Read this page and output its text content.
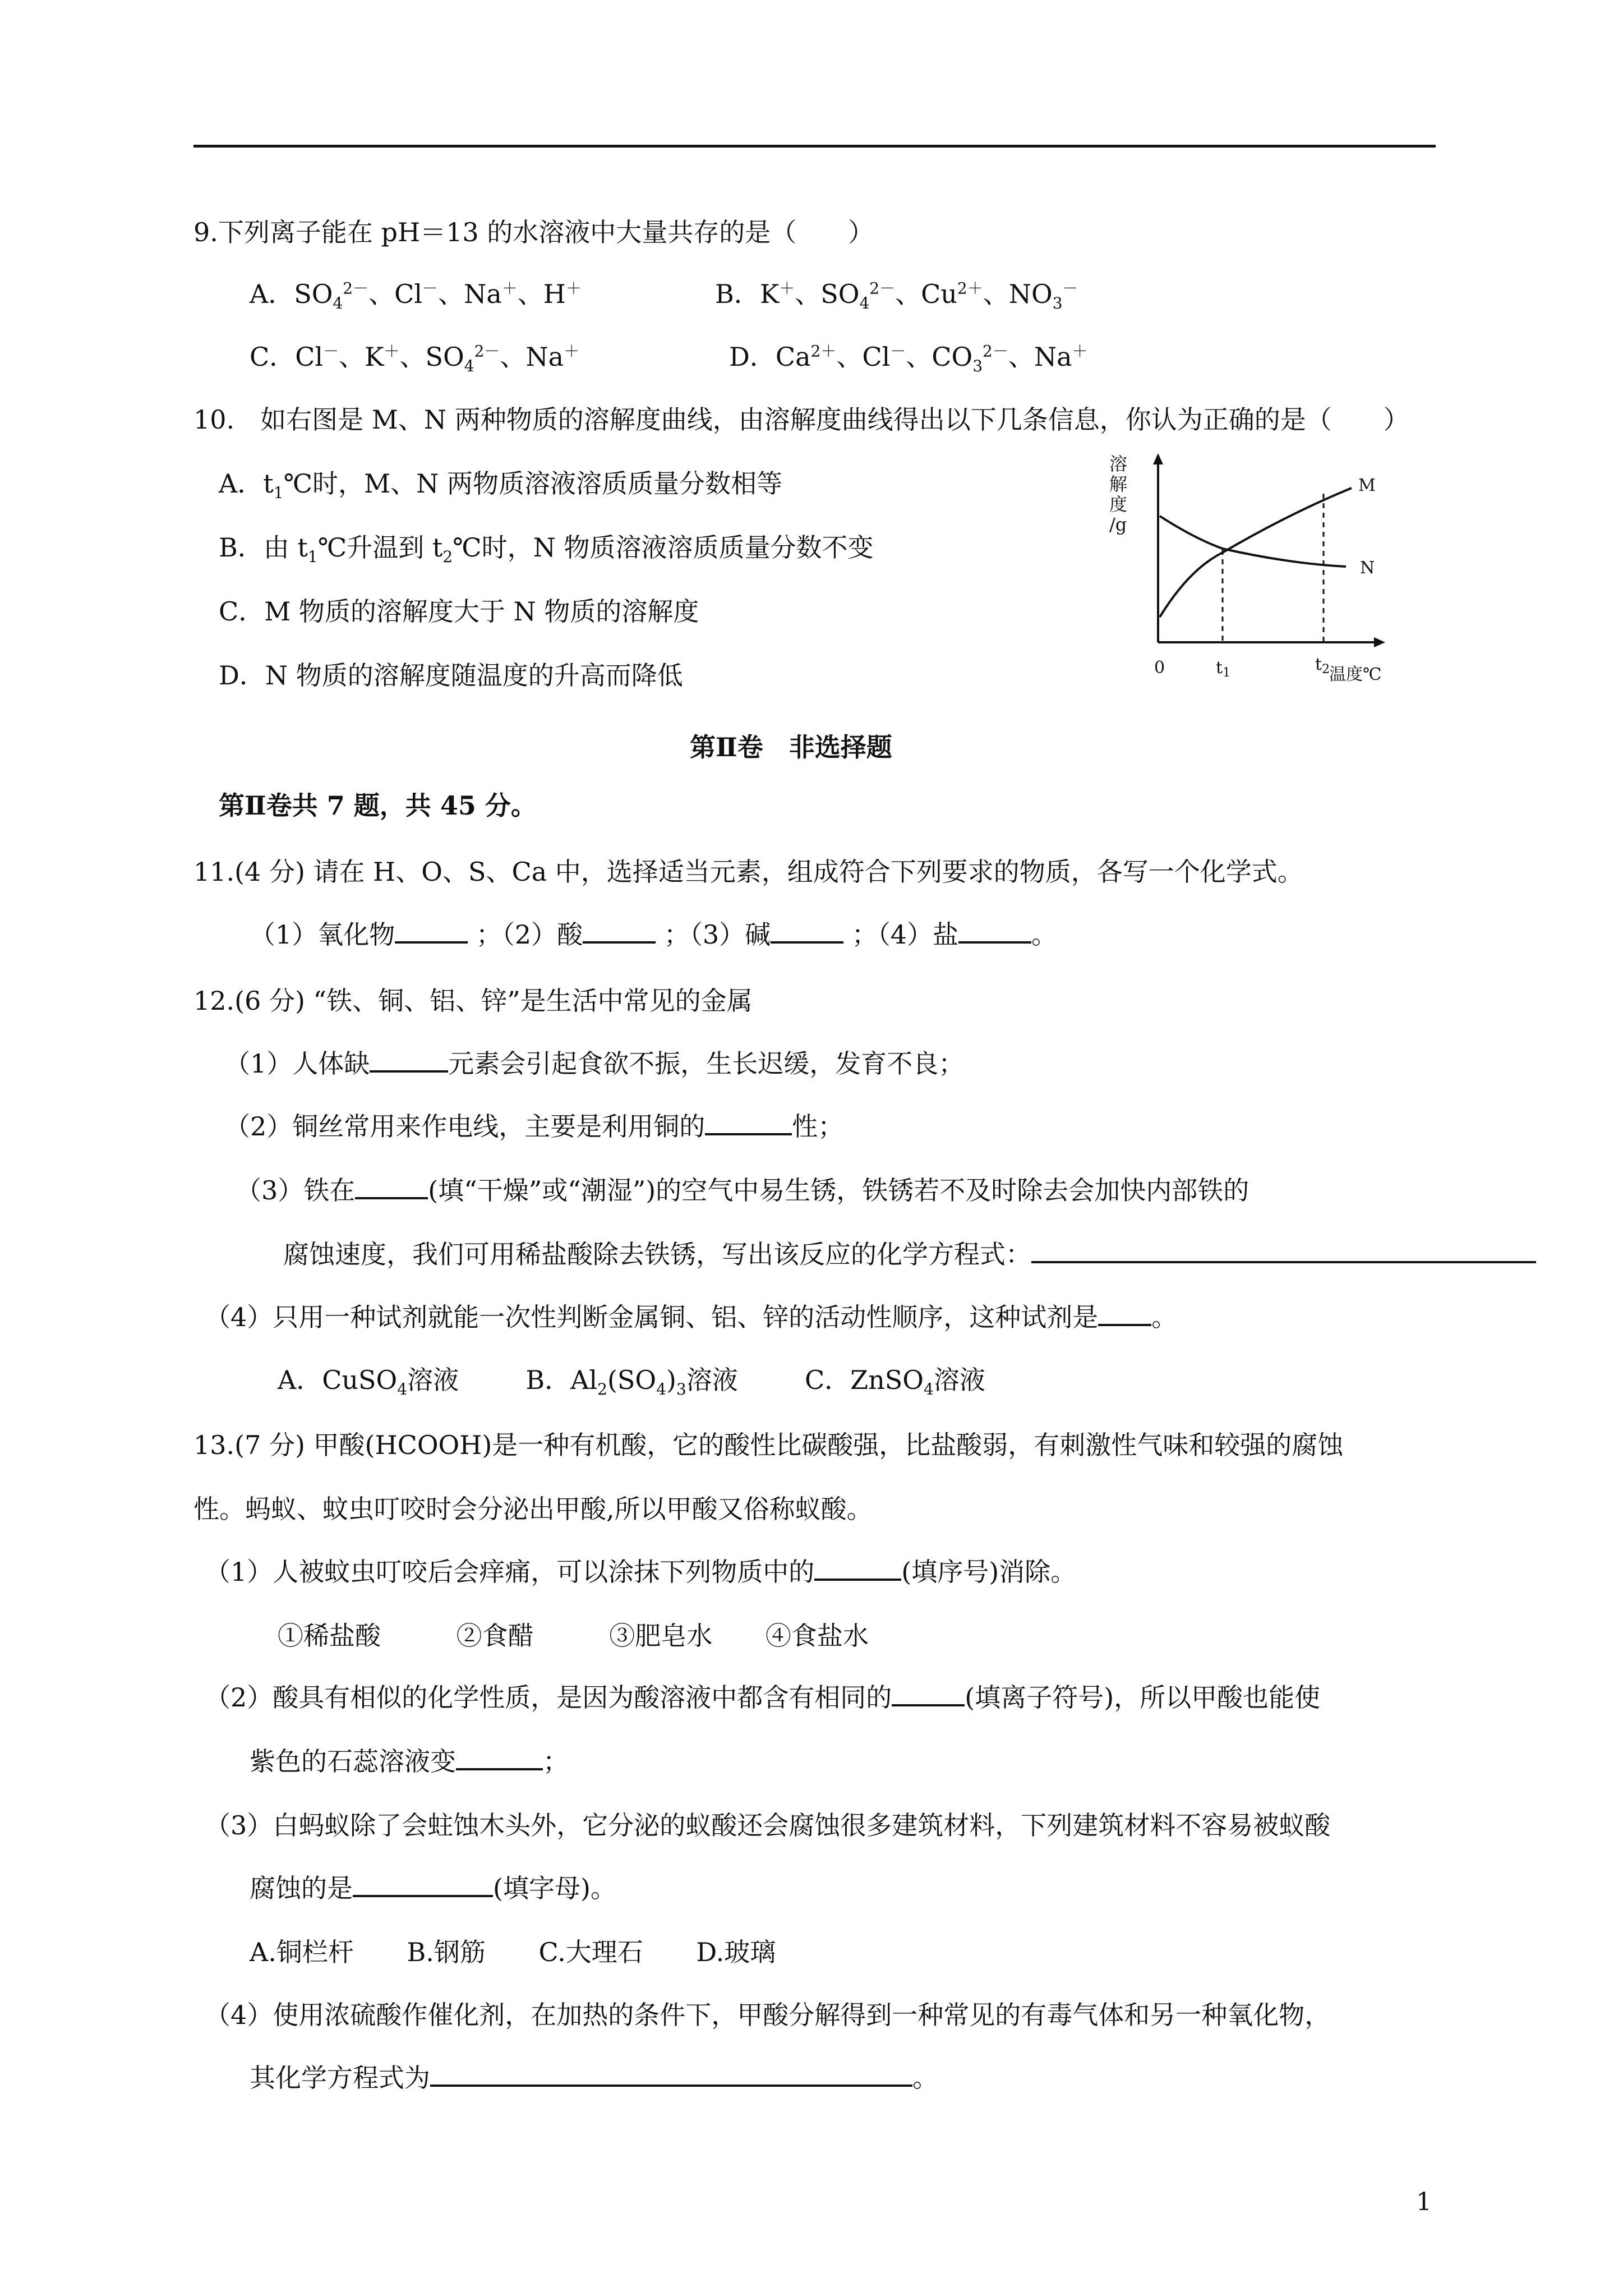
9.下列离子能在 pH＝13 的水溶液中大量共存的是（　　）
A．$SO_4^{2-}$、Cl－、Na＋、H＋	B．K＋、$SO_4^{2-}$、$Cu^{2+}$、$NO_3^-$
C．Cl－、K＋、$SO_4^{2-}$、Na＋	D．$Ca^{2+}$、Cl－、$CO_3^{2-}$、Na＋
10.　如右图是 M、N 两种物质的溶解度曲线，由溶解度曲线得出以下几条信息，你认为正确的是（　　）
A．$t_1℃$时，M、N 两物质溶液溶质质量分数相等
B．由 $t_1℃$升温到 $t_2℃$时，N 物质溶液溶质质量分数不变
C．M 物质的溶解度大于 N 物质的溶解度
D．N 物质的溶解度随温度的升高而降低
溶
解
度
/g
M
N
0	$t_1$	$t_2$
温度℃
第Ⅱ卷　非选择题
第Ⅱ卷共 7 题，共 45 分。
11.(4 分) 请在 H、O、S、Ca 中，选择适当元素，组成符合下列要求的物质，各写一个化学式。
（1）氧化物	；（2）酸	；（3）碱	；（4）盐	。
12.(6 分) “铁、铜、铝、锌”是生活中常见的金属
（1）人体缺	元素会引起食欲不振，生长迟缓，发育不良；
（2）铜丝常用来作电线，主要是利用铜的	性；
（3）铁在	(填“干燥”或“潮湿”)的空气中易生锈，铁锈若不及时除去会加快内部铁的
腐蚀速度，我们可用稀盐酸除去铁锈，写出该反应的化学方程式：
（4）只用一种试剂就能一次性判断金属铜、铝、锌的活动性顺序，这种试剂是 。
A．CuSO$_4$溶液	B．$Al_2(SO_4)_3$溶液	C．ZnSO$_4$溶液
13.(7 分) 甲酸(HCOOH)是一种有机酸，它的酸性比碳酸强，比盐酸弱，有刺激性气味和较强的腐蚀
性。蚂蚁、蚊虫叮咬时会分泌出甲酸,所以甲酸又俗称蚁酸。
（1）人被蚊虫叮咬后会痒痛，可以涂抹下列物质中的	(填序号)消除。
①稀盐酸	②食醋	③肥皂水 ④食盐水
（2）酸具有相似的化学性质，是因为酸溶液中都含有相同的	(填离子符号)，所以甲酸也能使
紫色的石蕊溶液变	；
（3）白蚂蚁除了会蛀蚀木头外，它分泌的蚁酸还会腐蚀很多建筑材料，下列建筑材料不容易被蚁酸
腐蚀的是	(填字母)。
A.铜栏杆 B.钢筋 C.大理石 D.玻璃
（4）使用浓硫酸作催化剂，在加热的条件下，甲酸分解得到一种常见的有毒气体和另一种氧化物，
其化学方程式为	。
1
